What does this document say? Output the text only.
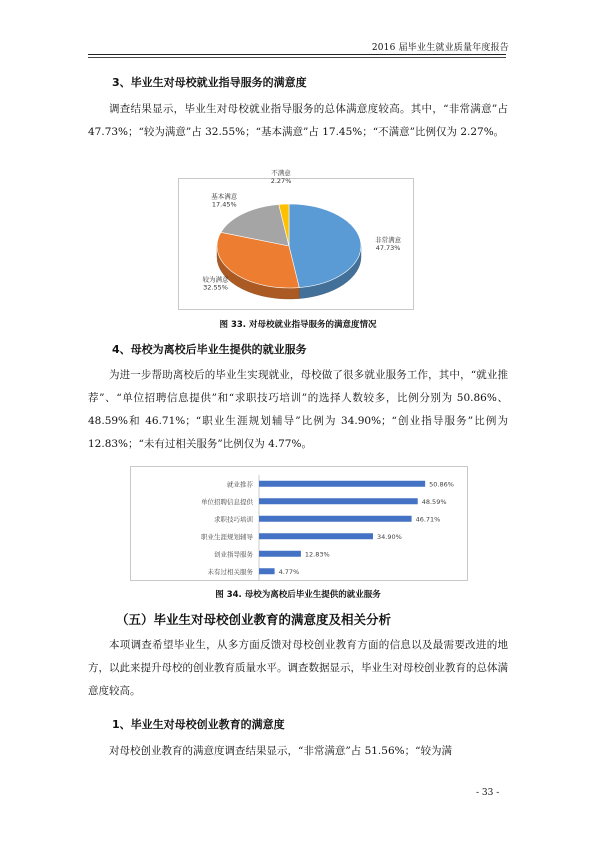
2016 届毕业生就业质量年度报告
3、毕业生对母校就业指导服务的满意度
调查结果显示，毕业生对母校就业指导服务的总体满意度较高。其中，“非常满意”占 47.73%；“较为满意”占 32.55%；“基本满意”占 17.45%；“不满意”比例仅为 2.27%。
非常满意
47.73%
较为满意
32.55%
基本满意
17.45%
不满意
2.27%
图 33. 对母校就业指导服务的满意度情况
4、母校为离校后毕业生提供的就业服务
为进一步帮助离校后的毕业生实现就业，母校做了很多就业服务工作，其中，“就业推荐”、“单位招聘信息提供”和“求职技巧培训”的选择人数较多，比例分别为 50.86%、48.59%和 46.71%；“职业生涯规划辅导”比例为 34.90%；“创业指导服务”比例为 12.83%；“未有过相关服务”比例仅为 4.77%。
就业推荐	50.86%
单位招聘信息提供	48.59%
求职技巧培训	46.71%
职业生涯规划辅导	34.90%
创业指导服务	12.83%
未有过相关服务	4.77%
图 34. 母校为离校后毕业生提供的就业服务
（五）毕业生对母校创业教育的满意度及相关分析
本项调查希望毕业生，从多方面反馈对母校创业教育方面的信息以及最需要改进的地方，以此来提升母校的创业教育质量水平。调查数据显示，毕业生对母校创业教育的总体满意度较高。
1、毕业生对母校创业教育的满意度
对母校创业教育的满意度调查结果显示，“非常满意”占 51.56%；“较为满
- 33 -
